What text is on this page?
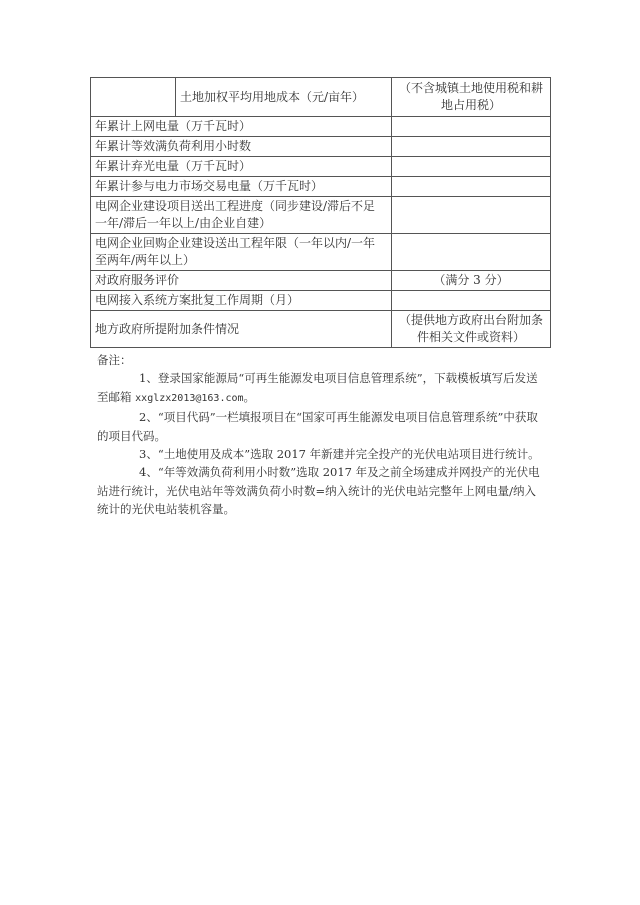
	土地加权平均用地成本（元/亩年）	（不含城镇土地使用税和耕地占用税）
年累计上网电量（万千瓦时）		
年累计等效满负荷利用小时数		
年累计弃光电量（万千瓦时）		
年累计参与电力市场交易电量（万千瓦时）		
电网企业建设项目送出工程进度（同步建设/滞后不足一年/滞后一年以上/由企业自建）		
电网企业回购企业建设送出工程年限（一年以内/一年至两年/两年以上）		
对政府服务评价		（满分 3 分）
电网接入系统方案批复工作周期（月）		
地方政府所提附加条件情况		（提供地方政府出台附加条件相关文件或资料）

备注：

1、登录国家能源局“可再生能源发电项目信息管理系统”，下载模板填写后发送至邮箱 xxglzx2013@163.com。

2、“项目代码”一栏填报项目在“国家可再生能源发电项目信息管理系统”中获取的项目代码。

3、“土地使用及成本”选取 2017 年新建并完全投产的光伏电站项目进行统计。

4、“年等效满负荷利用小时数”选取 2017 年及之前全场建成并网投产的光伏电站进行统计，光伏电站年等效满负荷小时数=纳入统计的光伏电站完整年上网电量/纳入统计的光伏电站装机容量。
